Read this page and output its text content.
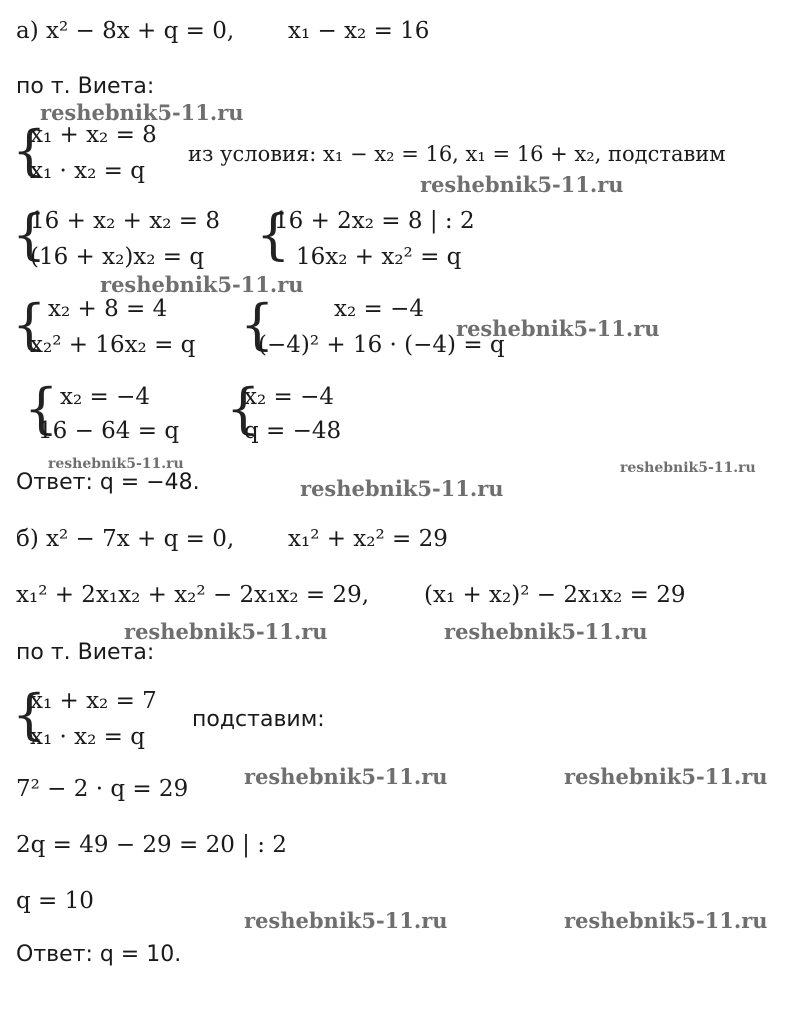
а) x² − 8x + q = 0, x₁ − x₂ = 16
по т. Виета:
reshebnik5-11.ru
{
x₁ + x₂ = 8
x₁ · x₂ = q
из условия: x₁ − x₂ = 16, x₁ = 16 + x₂, подставим
reshebnik5-11.ru
{
16 + x₂ + x₂ = 8
(16 + x₂)x₂ = q {
16 + 2x₂ = 8 | : 2
16x₂ + x₂² = q
reshebnik5-11.ru
{ x₂ + 8 = 4
x₂² + 16x₂ = q {	x₂ = −4
(−4)² + 16 · (−4) = q
reshebnik5-11.ru
{ x₂ = −4
16 − 64 = q {
x₂ = −4
q = −48
reshebnik5-11.ru	reshebnik5-11.ru
Ответ: q = −48.	reshebnik5-11.ru
б) x² − 7x + q = 0, x₁² + x₂² = 29
x₁² + 2x₁x₂ + x₂² − 2x₁x₂ = 29, (x₁ + x₂)² − 2x₁x₂ = 29
reshebnik5-11.ru	reshebnik5-11.ru
по т. Виета:
{
x₁ + x₂ = 7
x₁ · x₂ = q
подставим:
7² − 2 · q = 29	reshebnik5-11.ru	reshebnik5-11.ru
2q = 49 − 29 = 20 | : 2
q = 10
reshebnik5-11.ru	reshebnik5-11.ru
Ответ: q = 10.
